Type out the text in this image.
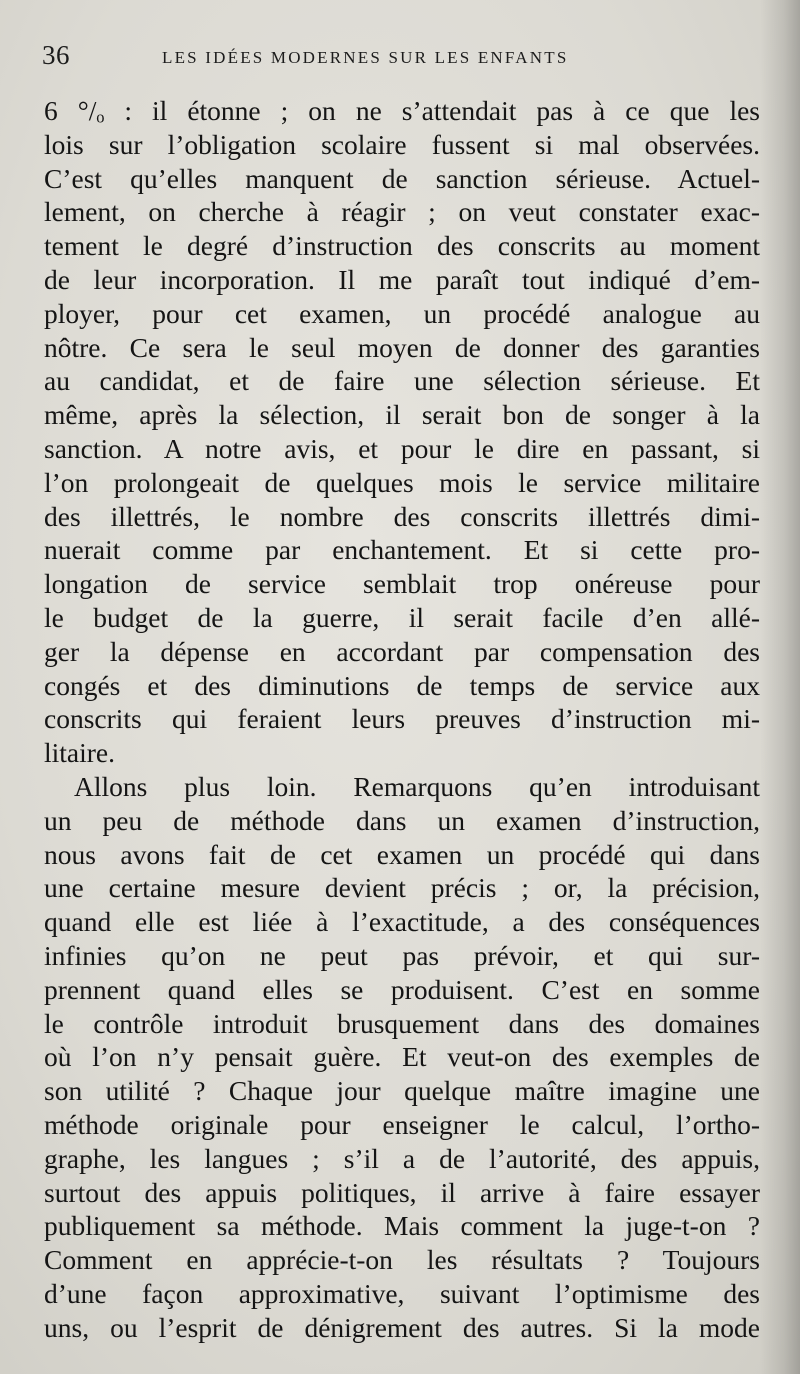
36	LES IDÉES MODERNES SUR LES ENFANTS
6 °/ₒ : il étonne ; on ne s’attendait pas à ce que les
lois sur l’obligation scolaire fussent si mal observées.
C’est qu’elles manquent de sanction sérieuse. Actuel-
lement, on cherche à réagir ; on veut constater exac-
tement le degré d’instruction des conscrits au moment
de leur incorporation. Il me paraît tout indiqué d’em-
ployer, pour cet examen, un procédé analogue au
nôtre. Ce sera le seul moyen de donner des garanties
au candidat, et de faire une sélection sérieuse. Et
même, après la sélection, il serait bon de songer à la
sanction. A notre avis, et pour le dire en passant, si
l’on prolongeait de quelques mois le service militaire
des illettrés, le nombre des conscrits illettrés dimi-
nuerait comme par enchantement. Et si cette pro-
longation de service semblait trop onéreuse pour
le budget de la guerre, il serait facile d’en allé-
ger la dépense en accordant par compensation des
congés et des diminutions de temps de service aux
conscrits qui feraient leurs preuves d’instruction mi-
litaire.
Allons plus loin. Remarquons qu’en introduisant
un peu de méthode dans un examen d’instruction,
nous avons fait de cet examen un procédé qui dans
une certaine mesure devient précis ; or, la précision,
quand elle est liée à l’exactitude, a des conséquences
infinies qu’on ne peut pas prévoir, et qui sur-
prennent quand elles se produisent. C’est en somme
le contrôle introduit brusquement dans des domaines
où l’on n’y pensait guère. Et veut-on des exemples de
son utilité ? Chaque jour quelque maître imagine une
méthode originale pour enseigner le calcul, l’ortho-
graphe, les langues ; s’il a de l’autorité, des appuis,
surtout des appuis politiques, il arrive à faire essayer
publiquement sa méthode. Mais comment la juge-t-on ?
Comment en apprécie-t-on les résultats ? Toujours
d’une façon approximative, suivant l’optimisme des
uns, ou l’esprit de dénigrement des autres. Si la mode
